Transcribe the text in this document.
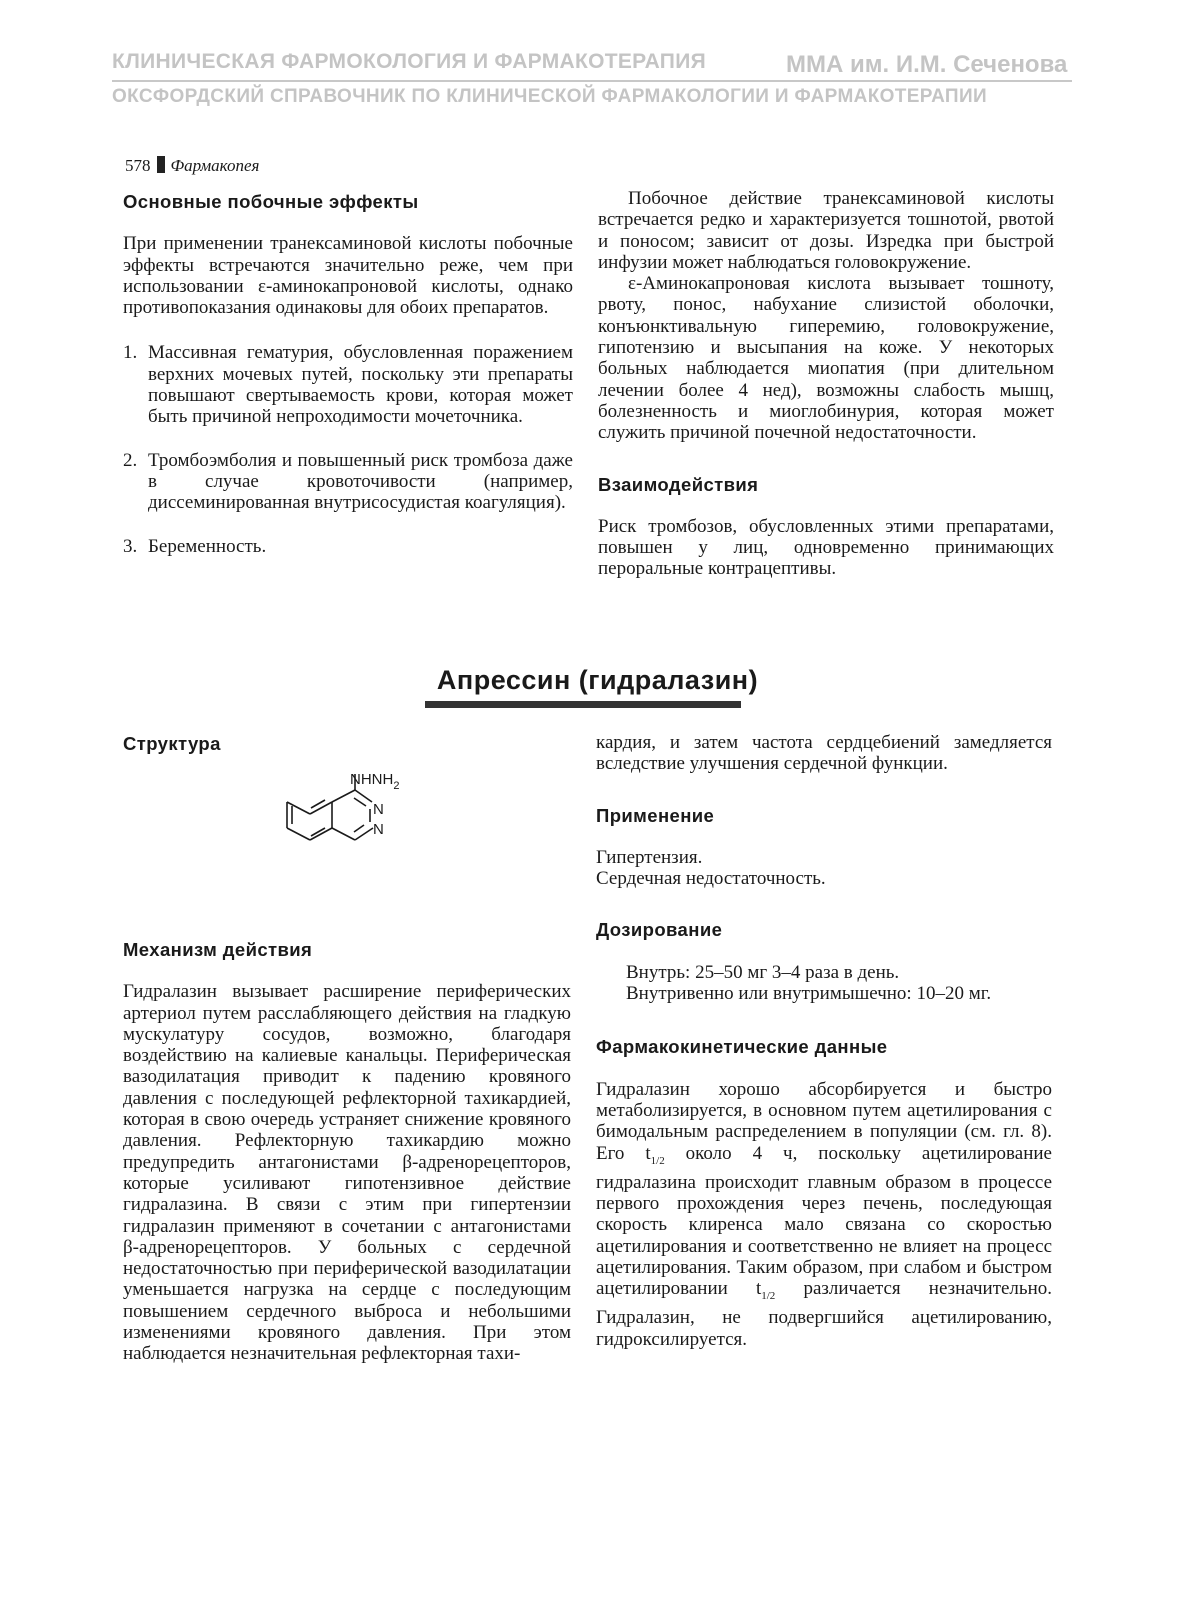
КЛИНИЧЕСКАЯ ФАРМОКОЛОГИЯ И ФАРМАКОТЕРАПИЯ	ММА им. И.М. Сеченова
ОКСФОРДСКИЙ СПРАВОЧНИК ПО КЛИНИЧЕСКОЙ ФАРМАКОЛОГИИ И ФАРМАКОТЕРАПИИ
578 Фармакопея
Основные побочные эффекты

При применении транексаминовой кислоты побочные эффекты встречаются значительно реже, чем при использовании ε-аминокапроновой кислоты, однако противопоказания одинаковы для обоих препаратов.

1. Массивная гематурия, обусловленная поражением верхних мочевых путей, поскольку эти препараты повышают свертываемость крови, которая может быть причиной непроходимости мочеточника.
2. Тромбоэмболия и повышенный риск тромбоза даже в случае кровоточивости (например, диссеминированная внутрисосудистая коагуляция).
3. Беременность.

Побочное действие транексаминовой кислоты встречается редко и характеризуется тошнотой, рвотой и поносом; зависит от дозы. Изредка при быстрой инфузии может наблюдаться головокружение.

ε-Аминокапроновая кислота вызывает тошноту, рвоту, понос, набухание слизистой оболочки, конъюнктивальную гиперемию, головокружение, гипотензию и высыпания на коже. У некоторых больных наблюдается миопатия (при длительном лечении более 4 нед), возможны слабость мышц, болезненность и миоглобинурия, которая может служить причиной почечной недостаточности.

Взаимодействия

Риск тромбозов, обусловленных этими препаратами, повышен у лиц, одновременно принимающих пероральные контрацептивы.

Апрессин (гидралазин)
Структура
$NHNH_2$
N
N
Механизм действия

Гидралазин вызывает расширение периферических артериол путем расслабляющего действия на гладкую мускулатуру сосудов, возможно, благодаря воздействию на калиевые канальцы. Периферическая вазодилатация приводит к падению кровяного давления с последующей рефлекторной тахикардией, которая в свою очередь устраняет снижение кровяного давления. Рефлекторную тахикардию можно предупредить антагонистами β-адренорецепторов, которые усиливают гипотензивное действие гидралазина. В связи с этим при гипертензии гидралазин применяют в сочетании с антагонистами β-адренорецепторов. У больных с сердечной недостаточностью при периферической вазодилатации уменьшается нагрузка на сердце с последующим повышением сердечного выброса и небольшими изменениями кровяного давления. При этом наблюдается незначительная рефлекторная тахи-

кардия, и затем частота сердцебиений замедляется вследствие улучшения сердечной функции.

Применение

Гипертензия.

Сердечная недостаточность.

Дозирование

Внутрь: 25–50 мг 3–4 раза в день.

Внутривенно или внутримышечно: 10–20 мг.

Фармакокинетические данные

Гидралазин хорошо абсорбируется и быстро метаболизируется, в основном путем ацетилирования с бимодальным распределением в популяции (см. гл. 8). Его $t_{1/2}$ около 4 ч, поскольку ацетилирование гидралазина происходит главным образом в процессе первого прохождения через печень, последующая скорость клиренса мало связана со скоростью ацетилирования и соответственно не влияет на процесс ацетилирования. Таким образом, при слабом и быстром ацетилировании $t_{1/2}$ различается незначительно. Гидралазин, не подвергшийся ацетилированию, гидроксилируется.
